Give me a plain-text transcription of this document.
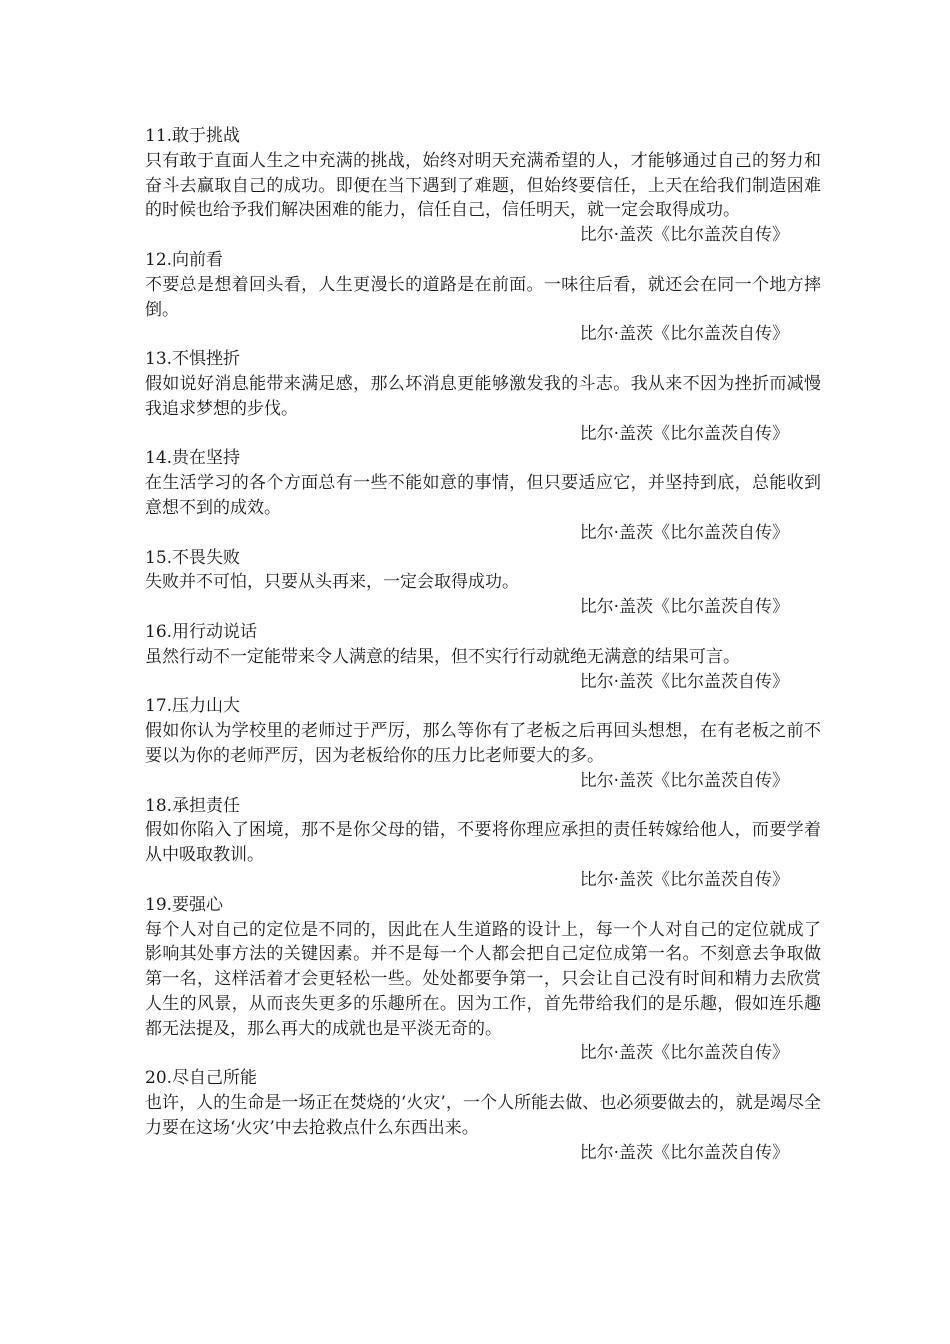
11.敢于挑战

只有敢于直面人生之中充满的挑战，始终对明天充满希望的人，才能够通过自己的努力和奋斗去赢取自己的成功。即便在当下遇到了难题，但始终要信任，上天在给我们制造困难的时候也给予我们解决困难的能力，信任自己，信任明天，就一定会取得成功。

比尔·盖茨《比尔盖茨自传》
12.向前看

不要总是想着回头看，人生更漫长的道路是在前面。一味往后看，就还会在同一个地方摔倒。

比尔·盖茨《比尔盖茨自传》
13.不惧挫折

假如说好消息能带来满足感，那么坏消息更能够激发我的斗志。我从来不因为挫折而减慢我追求梦想的步伐。

比尔·盖茨《比尔盖茨自传》
14.贵在坚持

在生活学习的各个方面总有一些不能如意的事情，但只要适应它，并坚持到底，总能收到意想不到的成效。

比尔·盖茨《比尔盖茨自传》
15.不畏失败

失败并不可怕，只要从头再来，一定会取得成功。

比尔·盖茨《比尔盖茨自传》
16.用行动说话

虽然行动不一定能带来令人满意的结果，但不实行行动就绝无满意的结果可言。

比尔·盖茨《比尔盖茨自传》
17.压力山大

假如你认为学校里的老师过于严厉，那么等你有了老板之后再回头想想，在有老板之前不要以为你的老师严厉，因为老板给你的压力比老师要大的多。

比尔·盖茨《比尔盖茨自传》
18.承担责任

假如你陷入了困境，那不是你父母的错，不要将你理应承担的责任转嫁给他人，而要学着从中吸取教训。

比尔·盖茨《比尔盖茨自传》
19.要强心

每个人对自己的定位是不同的，因此在人生道路的设计上，每一个人对自己的定位就成了影响其处事方法的关键因素。并不是每一个人都会把自己定位成第一名。不刻意去争取做第一名，这样活着才会更轻松一些。处处都要争第一，只会让自己没有时间和精力去欣赏人生的风景，从而丧失更多的乐趣所在。因为工作，首先带给我们的是乐趣，假如连乐趣都无法提及，那么再大的成就也是平淡无奇的。

比尔·盖茨《比尔盖茨自传》
20.尽自己所能

也许，人的生命是一场正在焚烧的‘火灾’，一个人所能去做、也必须要做去的，就是竭尽全力要在这场‘火灾’中去抢救点什么东西出来。

比尔·盖茨《比尔盖茨自传》
